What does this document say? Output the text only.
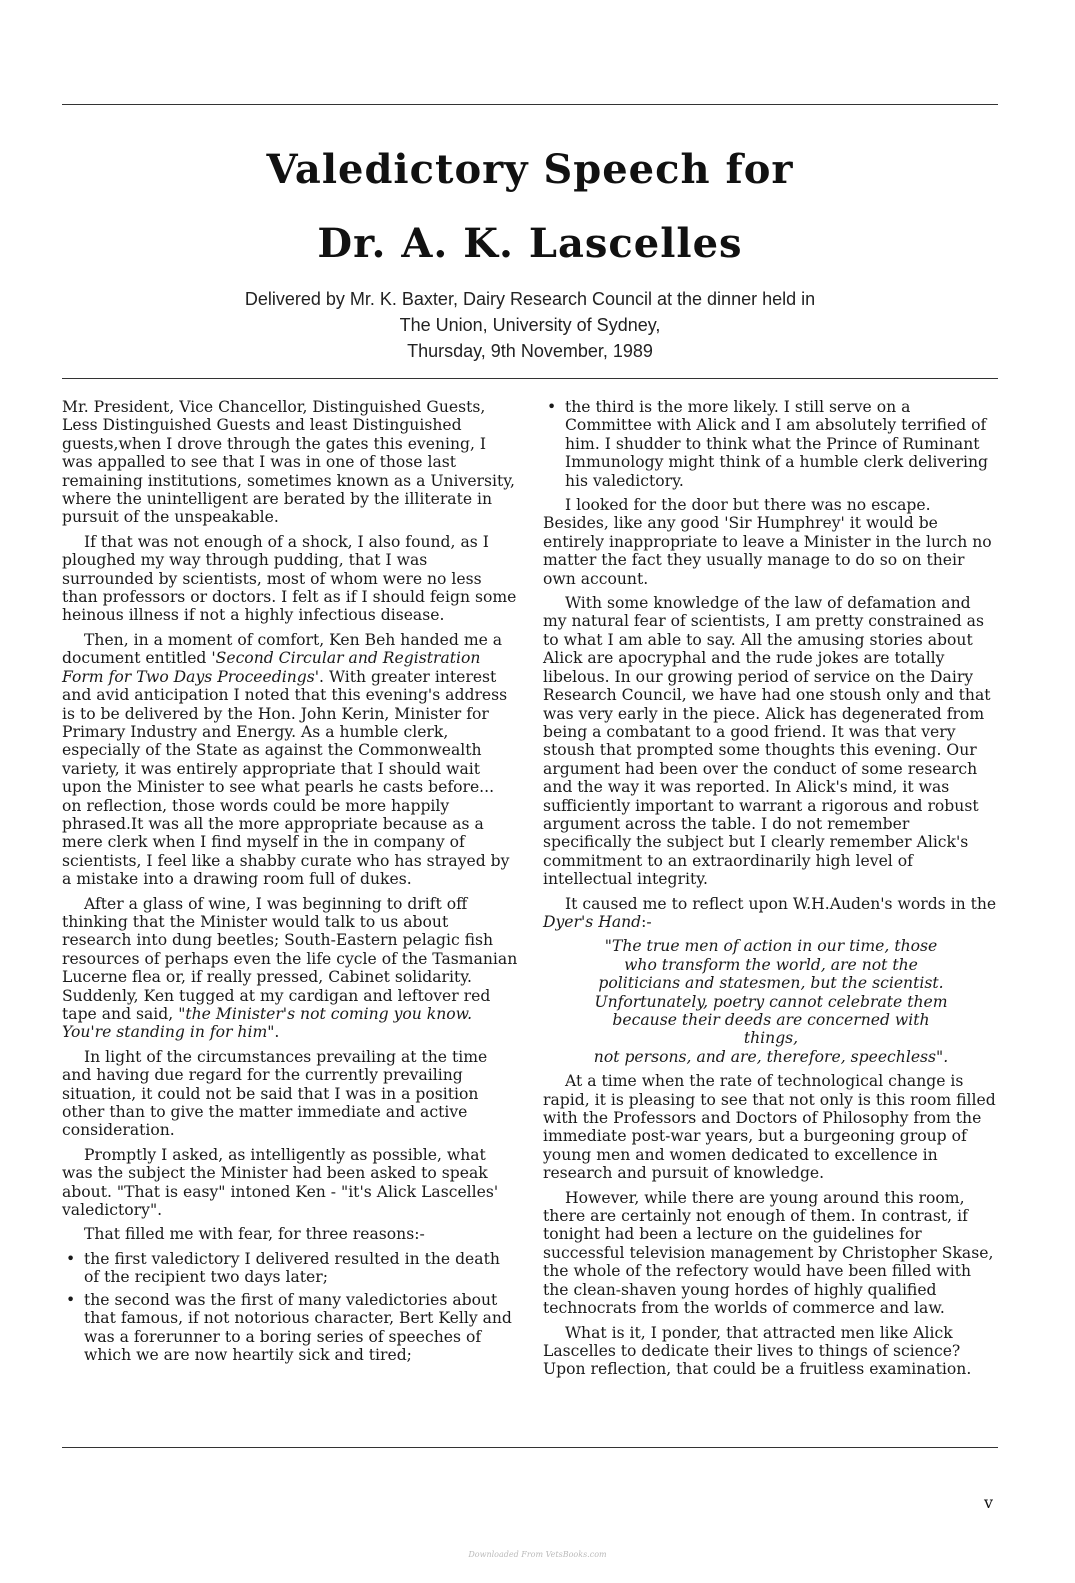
Valedictory Speech for
Dr. A. K. Lascelles
Delivered by Mr. K. Baxter, Dairy Research Council at the dinner held in
The Union, University of Sydney,
Thursday, 9th November, 1989

Mr. President, Vice Chancellor, Distinguished Guests, Less Distinguished Guests and least Distinguished guests,when I drove through the gates this evening, I was appalled to see that I was in one of those last remaining institutions, sometimes known as a University, where the unintelligent are berated by the illiterate in pursuit of the unspeakable.

If that was not enough of a shock, I also found, as I ploughed my way through pudding, that I was surrounded by scientists, most of whom were no less than professors or doctors. I felt as if I should feign some heinous illness if not a highly infectious disease.

Then, in a moment of comfort, Ken Beh handed me a document entitled 'Second Circular and Registration Form for Two Days Proceedings'. With greater interest and avid anticipation I noted that this evening's address is to be delivered by the Hon. John Kerin, Minister for Primary Industry and Energy. As a humble clerk, especially of the State as against the Commonwealth variety, it was entirely appropriate that I should wait upon the Minister to see what pearls he casts before... on reflection, those words could be more happily phrased.It was all the more appropriate because as a mere clerk when I find myself in the in company of scientists, I feel like a shabby curate who has strayed by a mistake into a drawing room full of dukes.

After a glass of wine, I was beginning to drift off thinking that the Minister would talk to us about research into dung beetles; South-Eastern pelagic fish resources of perhaps even the life cycle of the Tasmanian Lucerne flea or, if really pressed, Cabinet solidarity. Suddenly, Ken tugged at my cardigan and leftover red tape and said, "the Minister's not coming you know. You're standing in for him".

In light of the circumstances prevailing at the time and having due regard for the currently prevailing situation, it could not be said that I was in a position other than to give the matter immediate and active consideration.

Promptly I asked, as intelligently as possible, what was the subject the Minister had been asked to speak about. "That is easy" intoned Ken - "it's Alick Lascelles' valedictory".

That filled me with fear, for three reasons:-

• the first valedictory I delivered resulted in the death of the recipient two days later;
• the second was the first of many valedictories about that famous, if not notorious character, Bert Kelly and was a forerunner to a boring series of speeches of which we are now heartily sick and tired;
• the third is the more likely. I still serve on a Committee with Alick and I am absolutely terrified of him. I shudder to think what the Prince of Ruminant Immunology might think of a humble clerk delivering his valedictory.

I looked for the door but there was no escape. Besides, like any good 'Sir Humphrey' it would be entirely inappropriate to leave a Minister in the lurch no matter the fact they usually manage to do so on their own account.

With some knowledge of the law of defamation and my natural fear of scientists, I am pretty constrained as to what I am able to say. All the amusing stories about Alick are apocryphal and the rude jokes are totally libelous. In our growing period of service on the Dairy Research Council, we have had one stoush only and that was very early in the piece. Alick has degenerated from being a combatant to a good friend. It was that very stoush that prompted some thoughts this evening. Our argument had been over the conduct of some research and the way it was reported. In Alick's mind, it was sufficiently important to warrant a rigorous and robust argument across the table. I do not remember specifically the subject but I clearly remember Alick's commitment to an extraordinarily high level of intellectual integrity.

It caused me to reflect upon W.H.Auden's words in the Dyer's Hand:-

"The true men of action in our time, those
who transform the world, are not the
politicians and statesmen, but the scientist.
Unfortunately, poetry cannot celebrate them
because their deeds are concerned with things,
not persons, and are, therefore, speechless".

At a time when the rate of technological change is rapid, it is pleasing to see that not only is this room filled with the Professors and Doctors of Philosophy from the immediate post-war years, but a burgeoning group of young men and women dedicated to excellence in research and pursuit of knowledge.

However, while there are young around this room, there are certainly not enough of them. In contrast, if tonight had been a lecture on the guidelines for successful television management by Christopher Skase, the whole of the refectory would have been filled with the clean-shaven young hordes of highly qualified technocrats from the worlds of commerce and law.

What is it, I ponder, that attracted men like Alick Lascelles to dedicate their lives to things of science? Upon reflection, that could be a fruitless examination.

v
Downloaded From VetsBooks.com
